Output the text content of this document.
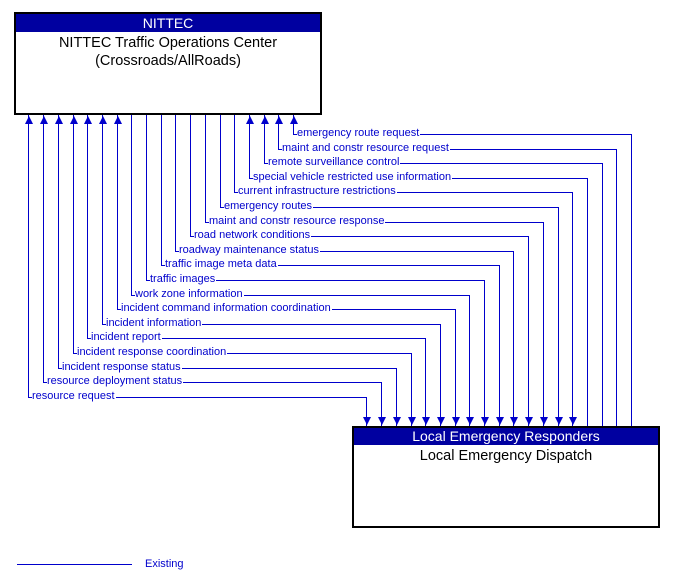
NITTEC
NITTEC Traffic Operations Center
(Crossroads/AllRoads)
Local Emergency Responders
Local Emergency Dispatch
emergency route request
maint and constr resource request
remote surveillance control
special vehicle restricted use information
current infrastructure restrictions
emergency routes
maint and constr resource response
road network conditions
roadway maintenance status
traffic image meta data
traffic images
work zone information
incident command information coordination
incident information
incident report
incident response coordination
incident response status
resource deployment status
resource request
Existing
